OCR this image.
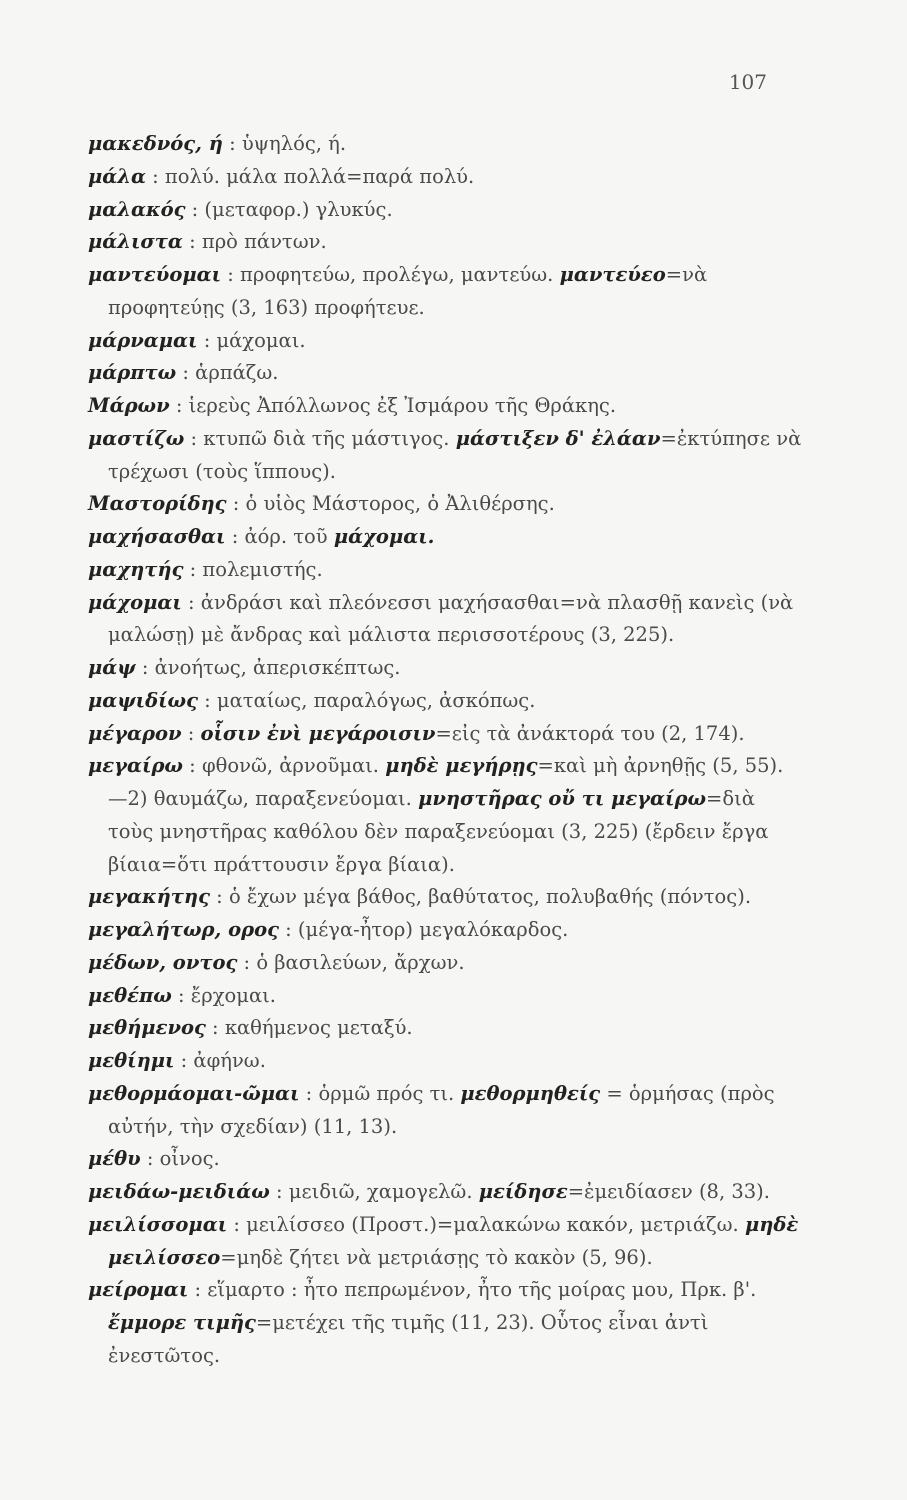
107

μακεδνός, ή : ὑψηλός, ή.

μάλα : πολύ. μάλα πολλά=παρά πολύ.

μαλακός : (μεταφορ.) γλυκύς.

μάλιστα : πρὸ πάντων.

μαντεύομαι : προφητεύω, προλέγω, μαντεύω. μαντεύεο=νὰ προφητεύῃς (3, 163) προφήτευε.

μάρναμαι : μάχομαι.

μάρπτω : ἁρπάζω.

Μάρων : ἱερεὺς Ἀπόλλωνος ἐξ Ἰσμάρου τῆς Θράκης.

μαστίζω : κτυπῶ διὰ τῆς μάστιγος. μάστιξεν δ' ἐλάαν=ἐκτύπησε νὰ τρέχωσι (τοὺς ἵππους).

Μαστορίδης : ὁ υἱὸς Μάστορος, ὁ Ἀλιθέρσης.

μαχήσασθαι : ἀόρ. τοῦ μάχομαι.

μαχητής : πολεμιστής.

μάχομαι : ἀνδράσι καὶ πλεόνεσσι μαχήσασθαι=νὰ πλασθῇ κανεὶς (νὰ μαλώσῃ) μὲ ἄνδρας καὶ μάλιστα περισσοτέρους (3, 225).

μάψ : ἀνοήτως, ἀπερισκέπτως.

μαψιδίως : ματαίως, παραλόγως, ἀσκόπως.

μέγαρον : οἷσιν ἐνὶ μεγάροισιν=εἰς τὰ ἀνάκτορά του (2, 174).

μεγαίρω : φθονῶ, ἀρνοῦμαι. μηδὲ μεγήρῃς=καὶ μὴ ἀρνηθῇς (5, 55).—2) θαυμάζω, παραξενεύομαι. μνηστῆρας οὔ τι μεγαίρω=διὰ τοὺς μνηστῆρας καθόλου δὲν παραξενεύομαι (3, 225) (ἔρδειν ἔργα βίαια=ὅτι πράττουσιν ἔργα βίαια).

μεγακήτης : ὁ ἔχων μέγα βάθος, βαθύτατος, πολυβαθής (πόντος).

μεγαλήτωρ, ορος : (μέγα-ἦτορ) μεγαλόκαρδος.

μέδων, οντος : ὁ βασιλεύων, ἄρχων.

μεθέπω : ἔρχομαι.

μεθήμενος : καθήμενος μεταξύ.

μεθίημι : ἀφήνω.

μεθορμάομαι-ῶμαι : ὁρμῶ πρός τι. μεθορμηθείς = ὁρμήσας (πρὸς αὐτήν, τὴν σχεδίαν) (11, 13).

μέθυ : οἶνος.

μειδάω-μειδιάω : μειδιῶ, χαμογελῶ. μείδησε=ἐμειδίασεν (8, 33).

μειλίσσομαι : μειλίσσεο (Προστ.)=μαλακώνω κακόν, μετριάζω. μηδὲ μειλίσσεο=μηδὲ ζήτει νὰ μετριάσῃς τὸ κακὸν (5, 96).

μείρομαι : εἵμαρτο : ἦτο πεπρωμένον, ἦτο τῆς μοίρας μου, Πρκ. β'. ἔμμορε τιμῆς=μετέχει τῆς τιμῆς (11, 23). Οὗτος εἶναι ἀντὶ ἐνεστῶτος.
